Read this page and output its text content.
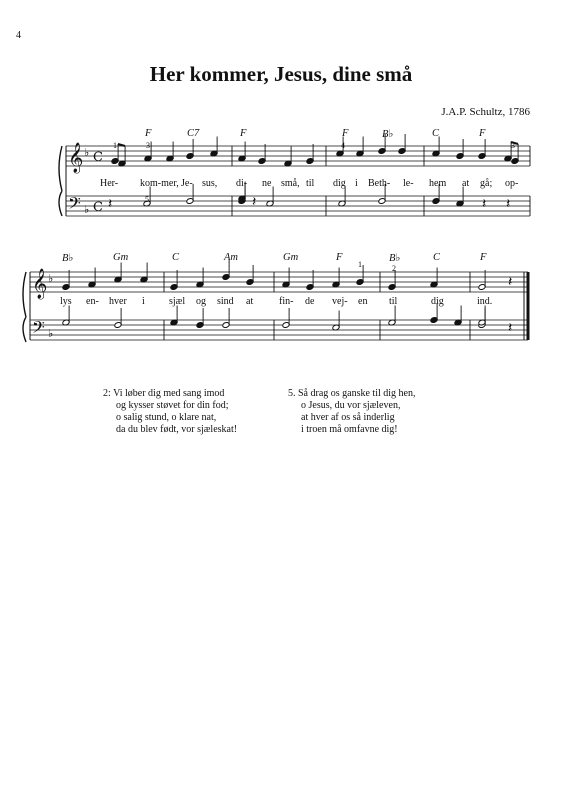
4
Her kommer, Jesus, dine små
J.A.P. Schultz, 1786
𝄞
𝄢
♭
♭
C
C 𝄽	𝄽	𝄽 𝄽
𝄞
𝄢
♭
♭
𝄽
𝄽
F	C7	F	F	B♭	C	F
1	3	4	3
5
Her- kom-mer, Je- sus, di- ne små, til dig i Beth- le- hem at gå; op-
B♭	Gm	C	Am	Gm	F	B♭	C	F
1	2
lys en- hver i sjæl og sind at	fin- de vej- en til	dig	ind.
2: Vi løber dig med sang imod
og kysser støvet for din fod;
o salig stund, o klare nat,
da du blev født, vor sjæleskat!
5. Så drag os ganske til dig hen,
o Jesus, du vor sjæleven,
at hver af os så inderlig
i troen må omfavne dig!
